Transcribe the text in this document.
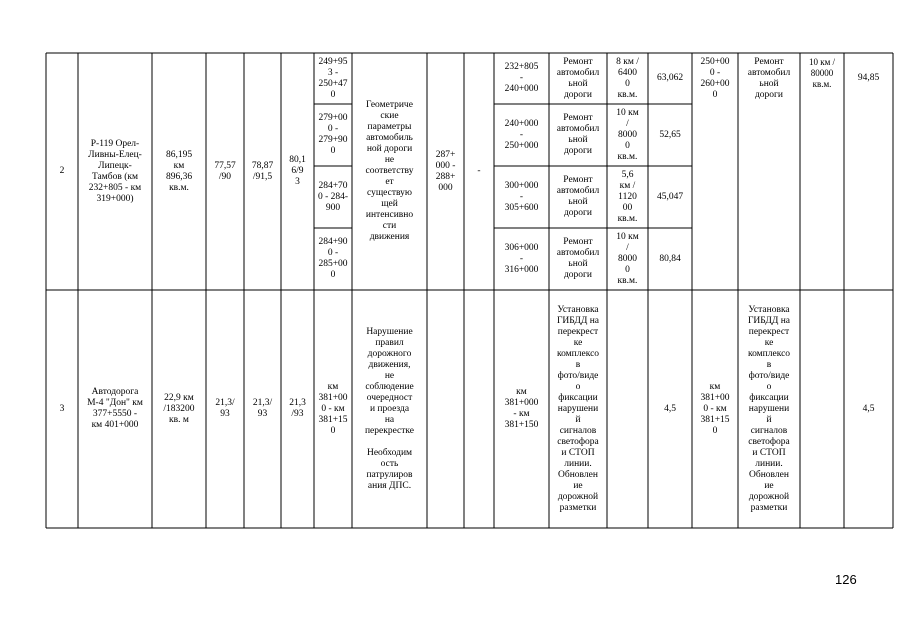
2
Р-119 Орел-
Ливны-Елец-
Липецк-
Тамбов (км
232+805 - км
319+000)
86,195
км
896,36
кв.м.
77,57
/90
78,87
/91,5
80,1
6/9
3
249+95
3 -
250+47
0
279+00
0 -
279+90
0
284+70
0 - 284-
900
284+90
0 -
285+00
0
Геометриче
ские
параметры
автомобиль
ной дороги
не
соответству
ет
существую
щей
интенсивно
сти
движения
287+
000 -
288+
000
-
232+805
-
240+000
Ремонт
автомобил
ьной
дороги
8 км /
6400
0
кв.м.
63,062
240+000
-
250+000
Ремонт
автомобил
ьной
дороги
10 км
/
8000
0
кв.м.
52,65
300+000
-
305+600
Ремонт
автомобил
ьной
дороги
5,6
км /
1120
00
кв.м.
45,047
306+000
-
316+000
Ремонт
автомобил
ьной
дороги
10 км
/
8000
0
кв.м.
80,84
250+00
0 -
260+00
0
Ремонт
автомобил
ьной
дороги
10 км /
80000
кв.м.
94,85
3
Автодорога
М-4 "Дон" км
377+5550 -
км 401+000
22,9 км
/183200
кв. м
21,3/
93
21,3/
93
21,3
/93
км
381+00
0 - км
381+15
0
Нарушение
правил
дорожного
движения,
не
соблюдение
очередност
и проезда
на
перекрестке

Необходим
ость
патрулиров
ания ДПС.
км
381+000
- км
381+150
Установка
ГИБДД на
перекрест
ке
комплексо
в
фото/виде
о
фиксации
нарушени
й
сигналов
светофора
и СТОП
линии.
Обновлен
ие
дорожной
разметки
4,5
км
381+00
0 - км
381+15
0
Установка
ГИБДД на
перекрест
ке
комплексо
в
фото/виде
о
фиксации
нарушени
й
сигналов
светофора
и СТОП
линии.
Обновлен
ие
дорожной
разметки
4,5
126
